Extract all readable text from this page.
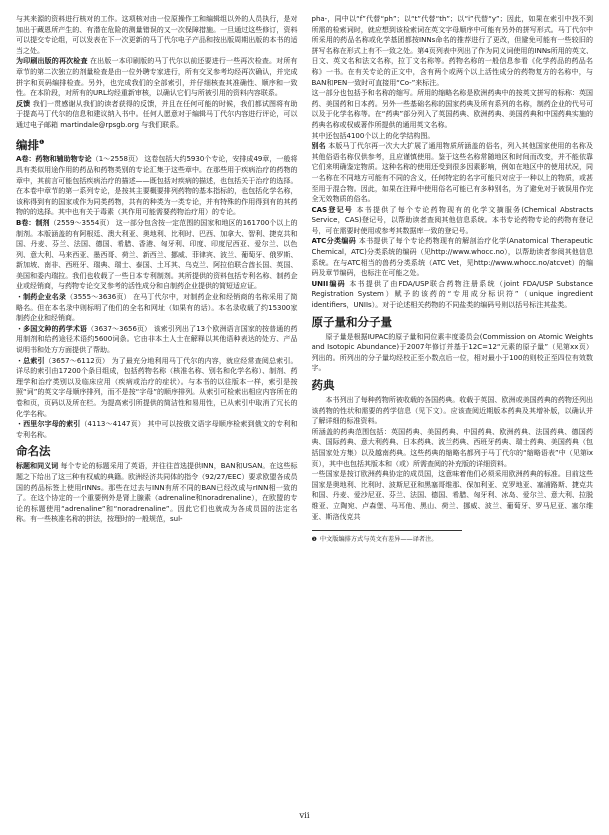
与其来源的资料进行核对的工作。这项核对由一位原操作工和编辑组以外的人员执行，是对加出于藏恩所产生的、有潜在危险的测量错误的又一次保障措施。一旦通过这些修订，资料可以提交专论组，可以发表在下一次更新的马丁代尔电子产品和按出版周期出版的本书的适当之处。

为印刷出版的再次检查 在出版一本印刷版的马丁代尔以前还要进行一些再次检查。对所有章节的第二次独立的剂量检查是由一位外聘专家进行，所有交叉参考均经再次确认，并完成拼字和页码编排检查。另外，也完成我们的全部索引，并仔细核查其准确性、顺序和一致性。在本阶段，对所有的URL均经重新审核，以确认它们与所被引用的资料内容联系。

反馈 我们一贯感谢从我们的读者获得的反馈，并且在任何可能的时候，我们都试图将有助于提高马丁代尔的信息和建议纳入书中。任何人愿意对于编辑马丁代尔内容进行评论，可以通过电子邮箱 martindale@rpsgb.org 与我们联系。

编排$^❶$

A卷：药物和辅助物专论（1～2558页） 这卷包括大约5930个专论，安排成49章，一般将具有类似用途作用的药品和药物类别的专论汇集于这些章中。在那些用于疾病治疗的药物的章中，其前言可能包括疾病治疗的描述——既包括对疾病的描述，也包括关于治疗的选择。在本卷中章节的第一系列专论，是按其主要概要排列药物的基本指标的，也包括化学名称，该称得到有的国家或作为同类药物，共有的种类为一类专论，并有特殊的作用得到有的其药物的的选择。其中也有关于毒素（其作用可能需要药物治疗用）的专论。

B卷：制剂（2559～3554页） 这一部分包含按一定范围的国家和地区的161700个以上的制剂。本版涵盖的有阿根廷、澳大利亚、奥地利、比利时、巴西、加拿大、智利、捷克共和国、丹麦、芬兰、法国、德国、希腊、香港、匈牙利、印度、印度尼西亚、爱尔兰、以色列、意大利、马来西亚、墨西哥、荷兰、新西兰、挪威、菲律宾、波兰、葡萄牙、俄罗斯、新加坡、南非、西班牙、瑞典、瑞士、泰国、土耳其、乌克兰、阿拉伯联合酋长国、英国、美国和委内瑞拉。我们也收载了一些日本专利制剂。其所提供的资料包括专利名称、制药企业或经销商，与药物专论交叉参考的活性成分和自制药企业提供的简短适应证。

・制药企业名录（3555～3636页） 在马丁代尔中，对制药企业和经销商的名称采用了简略名。但在本名录中则标明了他们的全名和网址（如果有的话）。本名录收载了约15300家制药企业和经销商。

・多国文种的药学术语（3637～3656页） 该索引列出了13个欧洲语言国家的按普通的药用制剂和给药途径术语约5600词条。它由非本土人士在解释以其他语种表达的处方、产品说明书和处方方面提供了帮助。

・总索引（3657～6112页） 为了最充分地利用马丁代尔的内容，就应经常查阅总索引。详尽的索引由17200个条目组成，包括药物名称（核准名称、别名和化学名称）、制剂、药理学和治疗类别以及临床应用（疾病或治疗的症状）。与本书的以往版本一样，索引是按照“词”的英文字母顺序排列，而不是按“字母”的顺序排列。从索引可检索出相应内容所在的卷和页，页码以及所在栏。为提高索引所提供的简洁性和易用性，已从索引中取消了冗长的化学名称。

・西里尔字母的索引（4113～4147页） 其中可以按俄文语字母顺序检索到俄文的专利和专利名称。

命名法

标题和同义词 每个专论的标题采用了英语，并往往首选提供INN，BAN和USAN。在这些标题之下给出了这三种有权威的典籍。欧洲经济共同体的指令（92/27/EEC）要求欧盟各成员国的药品标签上使用rINNs。那些在过去与INN有所不同的BAN已经改成与rINN相一致的了。在这个协定的一个重要例外是肾上腺素（adrenaline和noradrenaline），在欧盟的专论的标题使用“adrenaline”和“noradrenaline”。因此它们也就成为各成员国的法定名称。有一些核准名称的拼法，按理时的一般规范，sul-

pha-，同中以“f”代替“ph”；以“t”代替“th”；以“i”代替“y”；因此，如果在索引中找不到所需的检索词时，就应想到该检索词在英文字母顺序中可能有另外的拼写形式。马丁代尔中所采用的药品名称或化学基团都按INNs命名的推荐进行了更改，但避免可能有一些较旧的拼写名称在形式上有不一致之处。第4页列表中列出了作为同义词使用的INNs所用的英文、日文、英文名和法文名称，拉丁文名称等。药物名称的一般信息参看《化学药品的药品名称》一书。在有关专论的正文中，含有两个或两个以上活性成分的药物复方的名称中，与BAN和PEN一致时可直接用“Co-”来标注。

这一部分也包括予和名称的缩写。所用的缩略名称是欧洲药典中的按英文拼写的标称：英国药、美国药和日本药。另外一些基础名称的国家药典及所有系列的名称，制药企业的代号可以及于化学名称等。在“药典”部分列入了英国药典、欧洲药典、美国药典和中国药典实施的药典名称或权威著作所提供的通用英文名称。

其中还包括4100个以上的化学结构图。

别名 本版马丁代尔再一次大大扩展了通用物质所涵盖的俗名，列入其他国家使用的名称及其他俗语名称仅供参考，且应谨慎使用。鉴于这些名称常随地区和时间而改变，并不能依靠它们来明确鉴定物质。这种名称的使用还受到很多因素影响，例如在地区中的使用状况，同一名称在不同地方可能有不同的含义，任何特定的名字可能只对应于一种以上的物质，或甚至用于混合物。因此，如果在注释中使用俗名可能已有多种别名，为了避免对于被误用作完全无效物质的俗名。

CAS登记号 本书提供了每个专论药物现有的化学文摘服务(Chemical Abstracts Service，CAS)登记号，以帮助读者查阅其他信息系统。本书专论药物专论的药物有登记号，可在需要时使用或参考其数据库一致的登记号。

ATC分类编码 本书提供了每个专论药物现有的解剖治疗化学(Anatomical Therapeutic Chemical，ATC)分类系统的编码（见http://www.whocc.no），以帮助读者参阅其他信息系统。在与ATC相当的兽药分类系统（ATC Vet，见http://www.whocc.no/atcvet）的编码及章节编码，也标注在可能之处。

UNII编码 本书提供了由FDA/USP联合药物注册系统（joint FDA/USP Substance Registration System）赋予的该药的“专用成分标识符”（unique ingredient identifiers，UNIIs）。对于论述相关药物的不同盐类的编码号则以括号标注其盐类。

原子量和分子量

原子量是根据IUPAC的原子量和同位素丰度委员会(Commission on Atomic Weights and Isotopic Abundance)于2007年修订并基于12C=12“元素的原子量”（见第xx页）列出的。所列出的分子量均经校正至小数点后一位，相对最小于100的则校正至四位有效数字。

药典

本书列出了每种药物所被收载的各国药典。收载于英国、欧洲或美国药典的药物还列出该药物的性状和需要的药学信息（见下文）。应该查阅近期版本药典及其增补版，以确认并了解详细的标准资料。

所涵盖的药典范围包括：英国药典、美国药典、中国药典、欧洲药典、法国药典、德国药典、国际药典、意大利药典、日本药典、波兰药典、西班牙药典、瑞士药典、美国药典（包括国家处方集）以及越南药典。这些药典的缩略名都列于马丁代尔的“缩略语表”中（见第ix页），其中也包括其版本和（或）所需查阅的补充版的详细资料。

一些国家是按订欧洲药典协定的成员国，这意味着他们必须采用欧洲药典的标准。目前这些国家是奥地利、比利时、波斯尼亚和黑塞哥维那、保加利亚、克罗地亚、塞浦路斯、捷克共和国、丹麦、爱沙尼亚、芬兰、法国、德国、希腊、匈牙利、冰岛、爱尔兰、意大利、拉脱维亚、立陶宛、卢森堡、马耳他、黑山、荷兰、挪威、波兰、葡萄牙、罗马尼亚、塞尔维亚、斯洛伐克共

❶ 中文版编排方式与英文有差异——译者注。

vii
